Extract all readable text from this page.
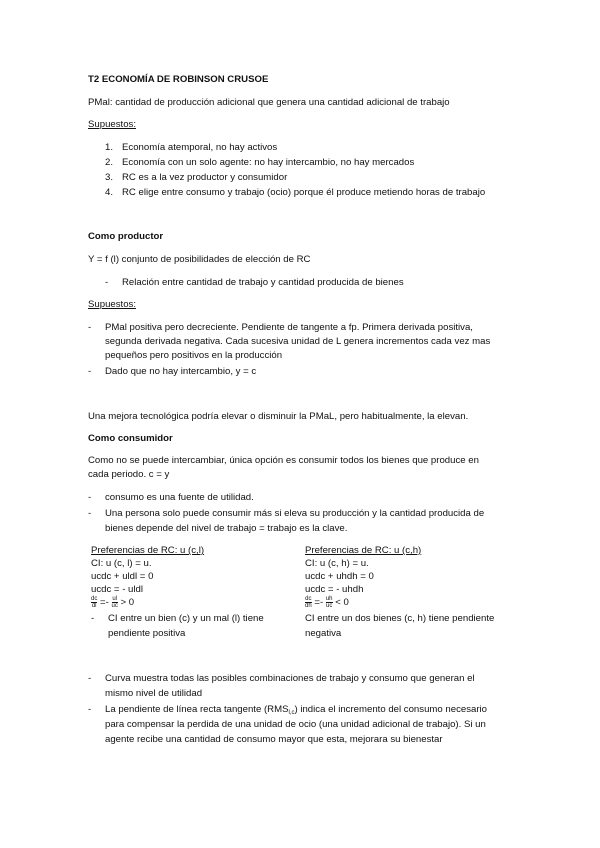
T2 ECONOMÍA DE ROBINSON CRUSOE
PMal: cantidad de producción adicional que genera una cantidad adicional de trabajo
Supuestos:
1. Economía atemporal, no hay activos
2. Economía con un solo agente: no hay intercambio, no hay mercados
3. RC es a la vez productor y consumidor
4. RC elige entre consumo y trabajo (ocio) porque él produce metiendo horas de trabajo
Como productor
Y = f (l) conjunto de posibilidades de elección de RC
- Relación entre cantidad de trabajo y cantidad producida de bienes
Supuestos:
- PMal positiva pero decreciente. Pendiente de tangente a fp. Primera derivada positiva,
segunda derivada negativa. Cada sucesiva unidad de L genera incrementos cada vez mas
pequeños pero positivos en la producción
- Dado que no hay intercambio, y = c
Una mejora tecnológica podría elevar o disminuir la PMaL, pero habitualmente, la elevan.
Como consumidor
Como no se puede intercambiar, única opción es consumir todos los bienes que produce en
cada periodo. c = y
- consumo es una fuente de utilidad.
- Una persona solo puede consumir más si eleva su producción y la cantidad producida de
bienes depende del nivel de trabajo = trabajo es la clave.
Preferencias de RC: u (c,l)
CI: u (c, l) = u.
ucdc + uldl = 0
ucdc = - uldl
$\frac{dc}{dl} =- \frac{ul}{uc} > 0$
- CI entre un bien (c) y un mal (l) tiene
pendiente positiva
Preferencias de RC: u (c,h)
CI: u (c, h) = u.
ucdc + uhdh = 0
ucdc = - uhdh
$\frac{dc}{dh} =- \frac{uh}{uc} < 0$
CI entre un dos bienes (c, h) tiene pendiente
negativa
- Curva muestra todas las posibles combinaciones de trabajo y consumo que generan el
mismo nivel de utilidad
- La pendiente de línea recta tangente $(RMS_{l,c})$ indica el incremento del consumo necesario
para compensar la perdida de una unidad de ocio (una unidad adicional de trabajo). Si un
agente recibe una cantidad de consumo mayor que esta, mejorara su bienestar
